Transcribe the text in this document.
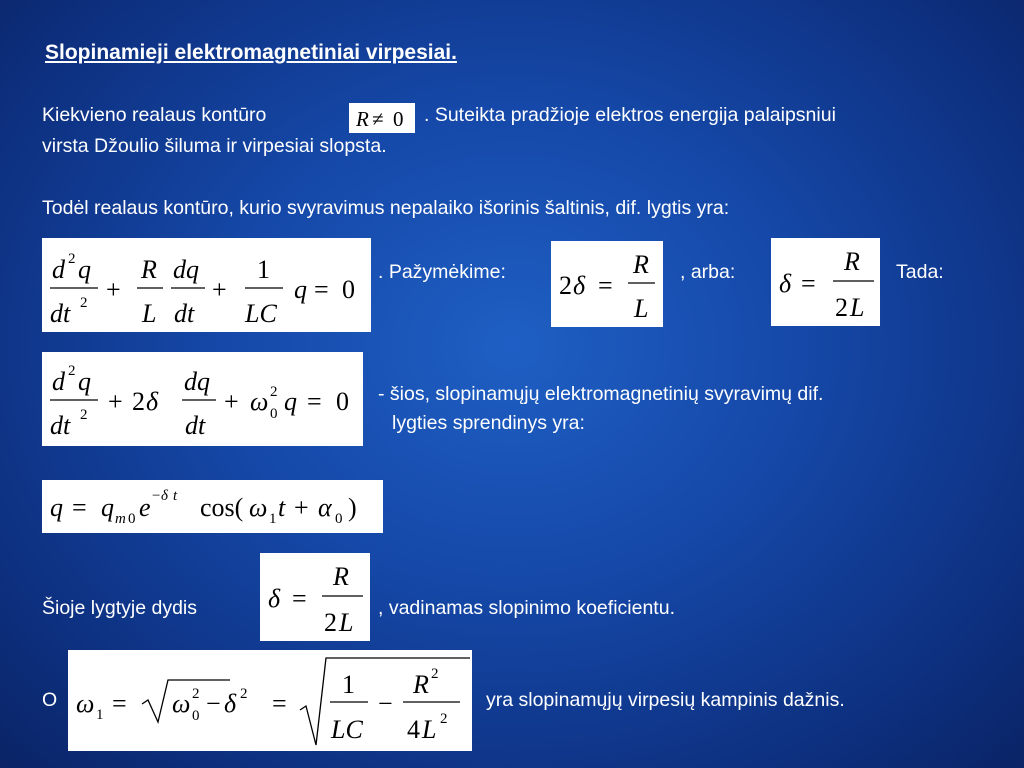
Slopinamieji elektromagnetiniai virpesiai.
Kiekvieno realaus kontūro	R ≠ 0 . Suteikta pradžioje elektros energija palaipsniui
virsta Džoulio šiluma ir virpesiai slopsta.
Todėl realaus kontūro, kurio svyravimus nepalaiko išorinis šaltinis, dif. lygtis yra:
d 2 q
dt 2 +
R
L
dq
dt
+
1
LC
q = 0
. Pažymėkime: 2 δ =
R
L
, arba: δ =
R
2 L
Tada:
d 2 q
dt 2 + 2 δ
dq
dt
+ ω 2
0 q = 0 - šios, slopinamųjų elektromagnetinių svyravimų dif.
lygties sprendinys yra:
q = q m 0 e − δ t cos( ω 1 t + α 0 )
Šioje lygtyje dydis	δ =
R
2 L , vadinamas slopinimo koeficientu.
O ω 1 = ω 2
0 − δ 2 =
1
LC
−
R 2
4 L 2
yra slopinamųjų virpesių kampinis dažnis.
